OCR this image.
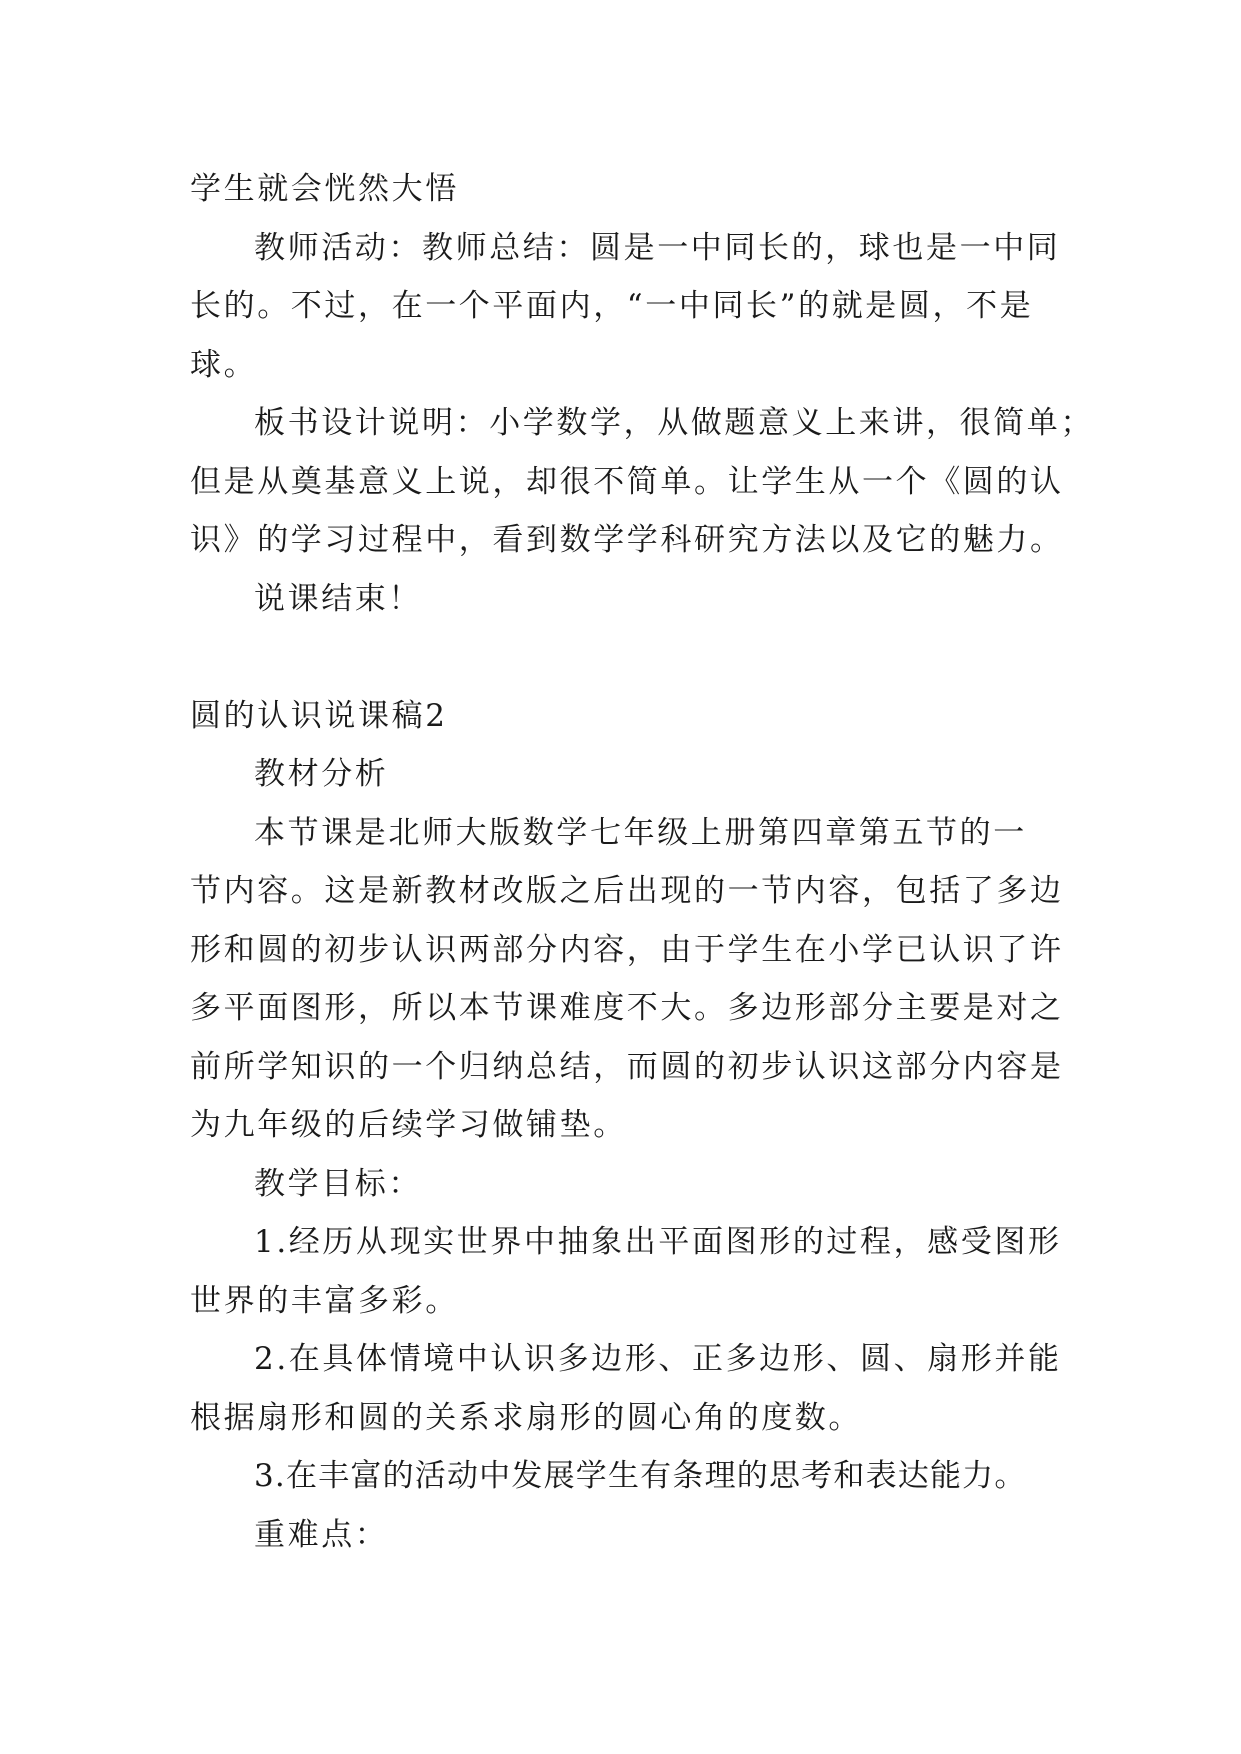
学生就会恍然大悟

教师活动：教师总结：圆是一中同长的，球也是一中同

长的。不过，在一个平面内，“一中同长”的就是圆，不是

球。

板书设计说明：小学数学，从做题意义上来讲，很简单；

但是从奠基意义上说，却很不简单。让学生从一个《圆的认

识》的学习过程中，看到数学学科研究方法以及它的魅力。

说课结束！

圆的认识说课稿2

教材分析

本节课是北师大版数学七年级上册第四章第五节的一

节内容。这是新教材改版之后出现的一节内容，包括了多边

形和圆的初步认识两部分内容，由于学生在小学已认识了许

多平面图形，所以本节课难度不大。多边形部分主要是对之

前所学知识的一个归纳总结，而圆的初步认识这部分内容是

为九年级的后续学习做铺垫。

教学目标：

1.经历从现实世界中抽象出平面图形的过程，感受图形

世界的丰富多彩。

2.在具体情境中认识多边形、正多边形、圆、扇形并能

根据扇形和圆的关系求扇形的圆心角的度数。

3.在丰富的活动中发展学生有条理的思考和表达能力。

重难点：
